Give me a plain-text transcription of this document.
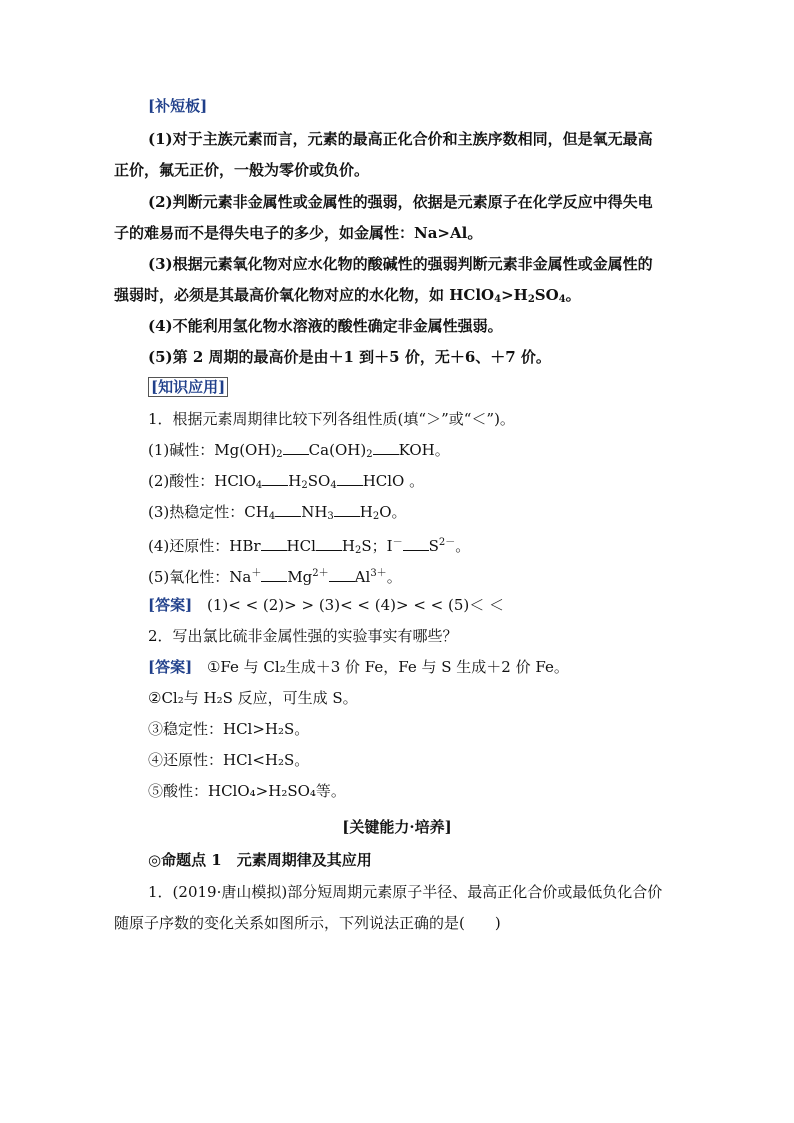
[补短板]
(1)对于主族元素而言，元素的最高正化合价和主族序数相同，但是氧无最高
正价，氟无正价，一般为零价或负价。
(2)判断元素非金属性或金属性的强弱，依据是元素原子在化学反应中得失电
子的难易而不是得失电子的多少，如金属性：Na>Al。
(3)根据元素氧化物对应水化物的酸碱性的强弱判断元素非金属性或金属性的
强弱时，必须是其最高价氧化物对应的水化物，如 $HClO_4>H_2SO_4$。
(4)不能利用氢化物水溶液的酸性确定非金属性强弱。
(5)第 2 周期的最高价是由＋1 到＋5 价，无＋6、＋7 价。
[知识应用]
1．根据元素周期律比较下列各组性质(填“＞”或“＜”)。
(1)碱性：$Mg(OH)_2$ $Ca(OH)_2$ KOH。
(2)酸性：HClO$_4$ $H_2SO_4$ HClO 。
(3)热稳定性：$CH_4$ $NH_3$ $H_2O$。
(4)还原性：HBr HCl $H_2S$；I－ $S^{2-}$。
(5)氧化性：Na＋ $Mg^{2+}$ $Al^{3+}$。
[答案] (1)< < (2)> > (3)< < (4)> < < (5)＜ ＜
2．写出氯比硫非金属性强的实验事实有哪些？
[答案] ①Fe 与 Cl₂生成＋3 价 Fe，Fe 与 S 生成＋2 价 Fe。
②Cl₂与 H₂S 反应，可生成 S。
③稳定性：HCl>H₂S。
④还原性：HCl<H₂S。
⑤酸性：HClO₄>H₂SO₄等。
[关键能力·培养]
◎命题点 1　元素周期律及其应用
1．(2019·唐山模拟)部分短周期元素原子半径、最高正化合价或最低负化合价
随原子序数的变化关系如图所示，下列说法正确的是(　　)
